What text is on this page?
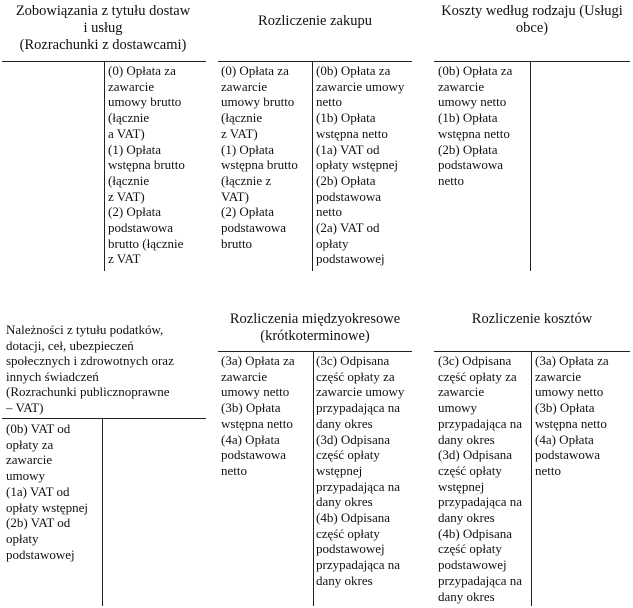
Zobowiązania z tytułu dostaw
i usług
(Rozrachunki z dostawcami)
(0) Opłata za
zawarcie
umowy brutto
(łącznie
a VAT)
(1) Opłata
wstępna brutto
(łącznie
z VAT)
(2) Opłata
podstawowa
brutto (łącznie
z VAT
Rozliczenie zakupu
(0) Opłata za
zawarcie
umowy brutto
(łącznie
z VAT)
(1) Opłata
wstępna brutto
(łącznie z
VAT)
(2) Opłata
podstawowa
brutto
(0b) Opłata za
zawarcie umowy
netto
(1b) Opłata
wstępna netto
(1a) VAT od
opłaty wstępnej
(2b) Opłata
podstawowa
netto
(2a) VAT od
opłaty
podstawowej
Koszty według rodzaju (Usługi
obce)
(0b) Opłata za
zawarcie
umowy netto
(1b) Opłata
wstępna netto
(2b) Opłata
podstawowa
netto
Należności z tytułu podatków,
dotacji, ceł, ubezpieczeń
społecznych i zdrowotnych oraz
innych świadczeń
(Rozrachunki publicznoprawne
– VAT)
(0b) VAT od
opłaty za
zawarcie
umowy
(1a) VAT od
opłaty wstępnej
(2b) VAT od
opłaty
podstawowej
Rozliczenia międzyokresowe
(krótkoterminowe)
(3a) Opłata za
zawarcie
umowy netto
(3b) Opłata
wstępna netto
(4a) Opłata
podstawowa
netto
(3c) Odpisana
część opłaty za
zawarcie umowy
przypadająca na
dany okres
(3d) Odpisana
część opłaty
wstępnej
przypadająca na
dany okres
(4b) Odpisana
część opłaty
podstawowej
przypadająca na
dany okres
Rozliczenie kosztów
(3c) Odpisana
część opłaty za
zawarcie
umowy
przypadająca na
dany okres
(3d) Odpisana
część opłaty
wstępnej
przypadająca na
dany okres
(4b) Odpisana
część opłaty
podstawowej
przypadająca na
dany okres
(3a) Opłata za
zawarcie
umowy netto
(3b) Opłata
wstępna netto
(4a) Opłata
podstawowa
netto
